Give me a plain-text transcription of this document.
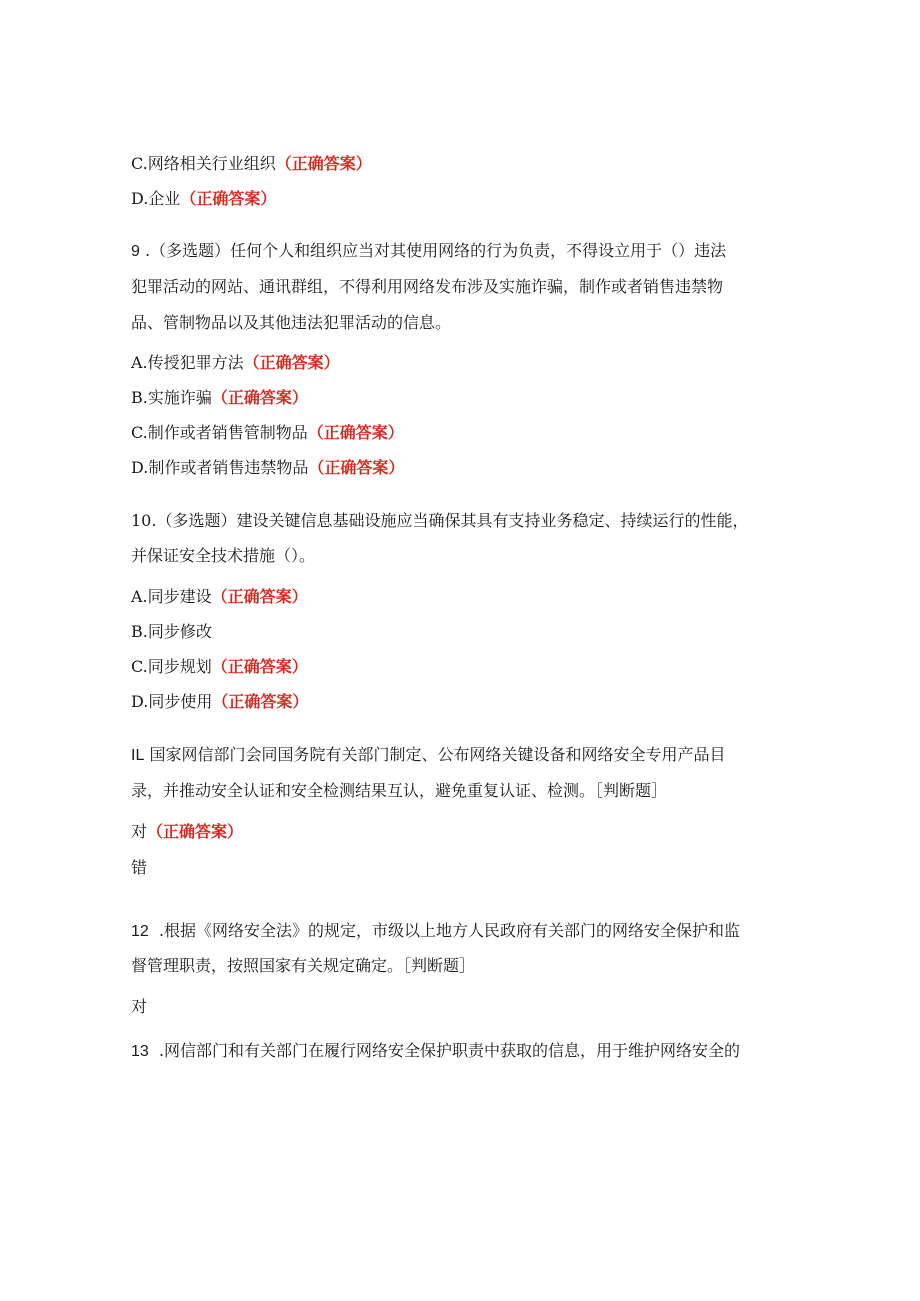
C.网络相关行业组织（正确答案）
D.企业（正确答案）
9 .（多选题）任何个人和组织应当对其使用网络的行为负责，不得设立用于（）违法
犯罪活动的网站、通讯群组，不得利用网络发布涉及实施诈骗，制作或者销售违禁物
品、管制物品以及其他违法犯罪活动的信息。
A.传授犯罪方法（正确答案）
B.实施诈骗（正确答案）
C.制作或者销售管制物品（正确答案）
D.制作或者销售违禁物品（正确答案）
10.（多选题）建设关键信息基础设施应当确保其具有支持业务稳定、持续运行的性能，
并保证安全技术措施（）。
A.同步建设（正确答案）
B.同步修改
C.同步规划（正确答案）
D.同步使用（正确答案）
IL 国家网信部门会同国务院有关部门制定、公布网络关键设备和网络安全专用产品目
录，并推动安全认证和安全检测结果互认，避免重复认证、检测。［判断题］
对（正确答案）
错
12 .根据《网络安全法》的规定，市级以上地方人民政府有关部门的网络安全保护和监
督管理职责，按照国家有关规定确定。［判断题］
对
13 .网信部门和有关部门在履行网络安全保护职责中获取的信息，用于维护网络安全的
